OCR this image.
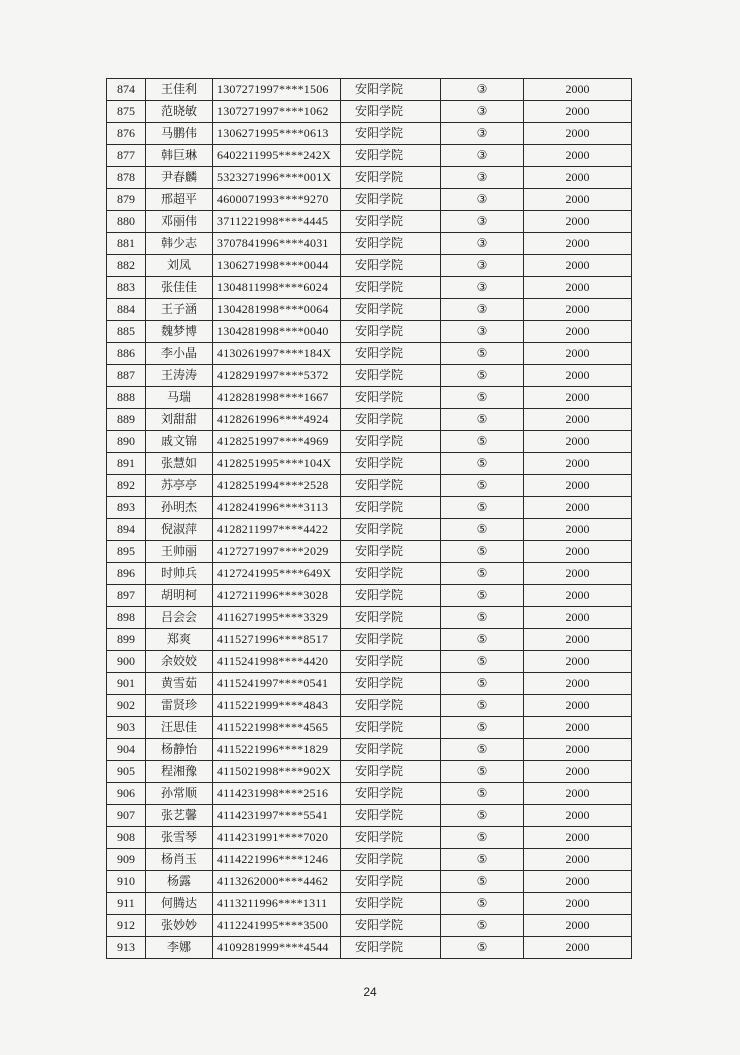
874	王佳利	1307271997****1506	安阳学院	③	2000
875	范晓敏	1307271997****1062	安阳学院	③	2000
876	马鹏伟	1306271995****0613	安阳学院	③	2000
877	韩巨琳	6402211995****242X	安阳学院	③	2000
878	尹春麟	5323271996****001X	安阳学院	③	2000
879	邢超平	4600071993****9270	安阳学院	③	2000
880	邓丽伟	3711221998****4445	安阳学院	③	2000
881	韩少志	3707841996****4031	安阳学院	③	2000
882	刘凤	1306271998****0044	安阳学院	③	2000
883	张佳佳	1304811998****6024	安阳学院	③	2000
884	王子涵	1304281998****0064	安阳学院	③	2000
885	魏梦博	1304281998****0040	安阳学院	③	2000
886	李小晶	4130261997****184X	安阳学院	⑤	2000
887	王涛涛	4128291997****5372	安阳学院	⑤	2000
888	马瑞	4128281998****1667	安阳学院	⑤	2000
889	刘甜甜	4128261996****4924	安阳学院	⑤	2000
890	戚文锦	4128251997****4969	安阳学院	⑤	2000
891	张慧如	4128251995****104X	安阳学院	⑤	2000
892	苏亭亭	4128251994****2528	安阳学院	⑤	2000
893	孙明杰	4128241996****3113	安阳学院	⑤	2000
894	倪淑萍	4128211997****4422	安阳学院	⑤	2000
895	王帅丽	4127271997****2029	安阳学院	⑤	2000
896	时帅兵	4127241995****649X	安阳学院	⑤	2000
897	胡明柯	4127211996****3028	安阳学院	⑤	2000
898	吕会会	4116271995****3329	安阳学院	⑤	2000
899	郑爽	4115271996****8517	安阳学院	⑤	2000
900	余姣姣	4115241998****4420	安阳学院	⑤	2000
901	黄雪茹	4115241997****0541	安阳学院	⑤	2000
902	雷贤珍	4115221999****4843	安阳学院	⑤	2000
903	汪思佳	4115221998****4565	安阳学院	⑤	2000
904	杨静怡	4115221996****1829	安阳学院	⑤	2000
905	程湘豫	4115021998****902X	安阳学院	⑤	2000
906	孙常顺	4114231998****2516	安阳学院	⑤	2000
907	张艺馨	4114231997****5541	安阳学院	⑤	2000
908	张雪琴	4114231991****7020	安阳学院	⑤	2000
909	杨肖玉	4114221996****1246	安阳学院	⑤	2000
910	杨露	4113262000****4462	安阳学院	⑤	2000
911	何腾达	4113211996****1311	安阳学院	⑤	2000
912	张妙妙	4112241995****3500	安阳学院	⑤	2000
913	李娜	4109281999****4544	安阳学院	⑤	2000
24
